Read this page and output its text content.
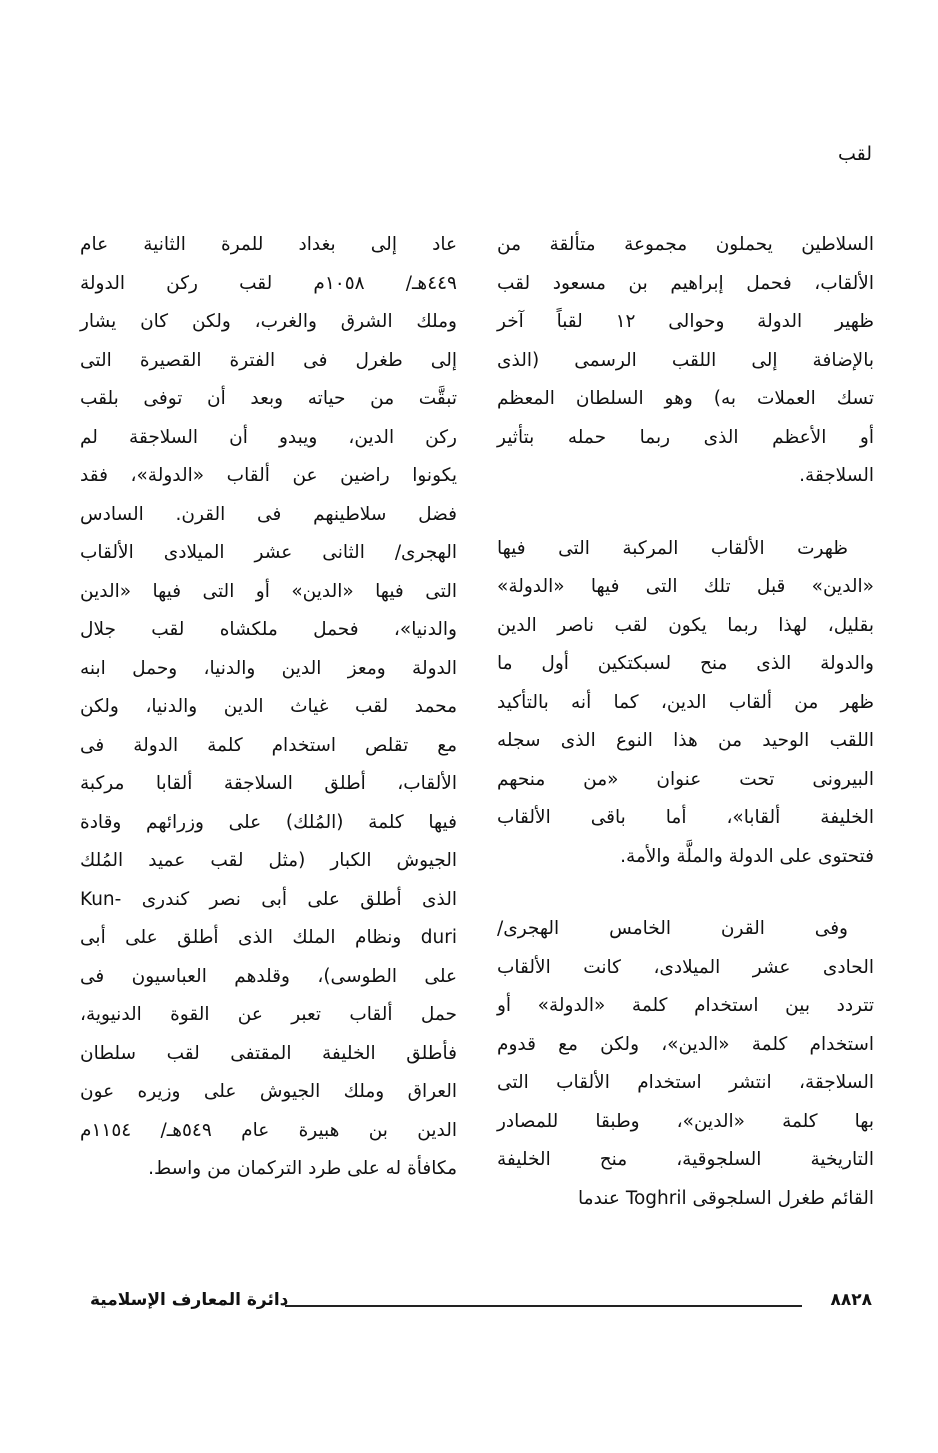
لقب
السلاطين يحملون مجموعة متألقة من
الألقاب، فحمل إبراهيم بن مسعود لقب
ظهير الدولة وحوالى ١٢ لقباً آخر
بالإضافة إلى اللقب الرسمى (الذى
تسك العملات به) وهو السلطان المعظم
أو الأعظم الذى ربما حمله بتأثير
السلاجقة.
ظهرت الألقاب المركبة التى فيها
«الدين» قبل تلك التى فيها «الدولة»
بقليل، لهذا ربما يكون لقب ناصر الدين
والدولة الذى منح لسبكتكين أول ما
ظهر من ألقاب الدين، كما أنه بالتأكيد
اللقب الوحيد من هذا النوع الذى سجله
البيرونى تحت عنوان «من منحهم
الخليفة ألقابا»، أما باقى الألقاب
فتحتوى على الدولة والملَّة والأمة.
وفى القرن الخامس الهجرى/
الحادى عشر الميلادى، كانت الألقاب
تتردد بين استخدام كلمة «الدولة» أو
استخدام كلمة «الدين»، ولكن مع قدوم
السلاجقة، انتشر استخدام الألقاب التى
بها كلمة «الدين»، وطبقا للمصادر
التاريخية السلجوقية، منح الخليفة
القائم طغرل السلجوقى Toghril عندما
عاد إلى بغداد للمرة الثانية عام
٤٤٩هـ/ ١٠٥٨م لقب ركن الدولة
وملك الشرق والغرب، ولكن كان يشار
إلى طغرل فى الفترة القصيرة التى
تبقَّت من حياته وبعد أن توفى بلقب
ركن الدين، ويبدو أن السلاجقة لم
يكونوا راضين عن ألقاب «الدولة»، فقد
فضل سلاطينهم فى القرن. السادس
الهجرى/ الثانى عشر الميلادى الألقاب
التى فيها «الدين» أو التى فيها «الدين
والدنيا»، فحمل ملكشاه لقب جلال
الدولة ومعز الدين والدنيا، وحمل ابنه
محمد لقب غياث الدين والدنيا، ولكن
مع تقلص استخدام كلمة الدولة فى
الألقاب، أطلق السلاجقة ألقابا مركبة
فيها كلمة (المُلك) على وزرائهم وقادة
الجيوش الكبار (مثل لقب عميد المُلك
الذى أطلق على أبى نصر كندرى -Kun
duri ونظام الملك الذى أطلق على أبى
على الطوسى)، وقلدهم العباسيون فى
حمل ألقاب تعبر عن القوة الدنيوية،
فأطلق الخليفة المقتفى لقب سلطان
العراق وملك الجيوش على وزيره عون
الدين بن هبيرة عام ٥٤٩هـ/ ١١٥٤م
مكافأة له على طرد التركمان من واسط.
٨٨٢٨
دائرة المعارف الإسلامية
